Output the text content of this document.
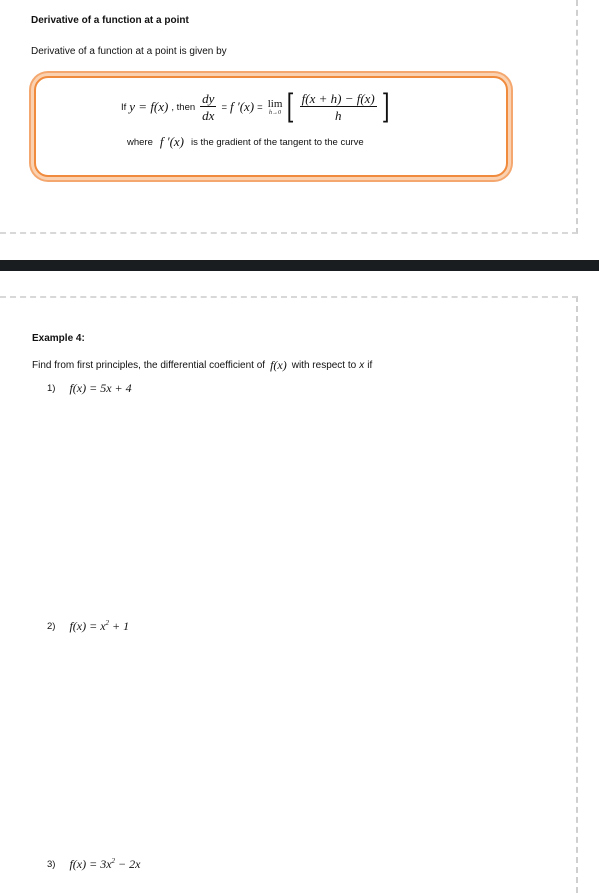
Derivative of a function at a point
Derivative of a function at a point is given by
If y = f(x) , then $\frac{dy}{dx} = f$ ′(x) = lim
h→0 [ $\frac{f(x + h) - f(x)}{h}$ ]
where f ′(x) is the gradient of the tangent to the curve
Example 4:
Find from first principles, the differential coefficient of f(x) with respect to x if
1) f(x) = 5x + 4
2) $f(x) = x^2 + 1$
3) $f(x) = 3x^2 - 2x$
